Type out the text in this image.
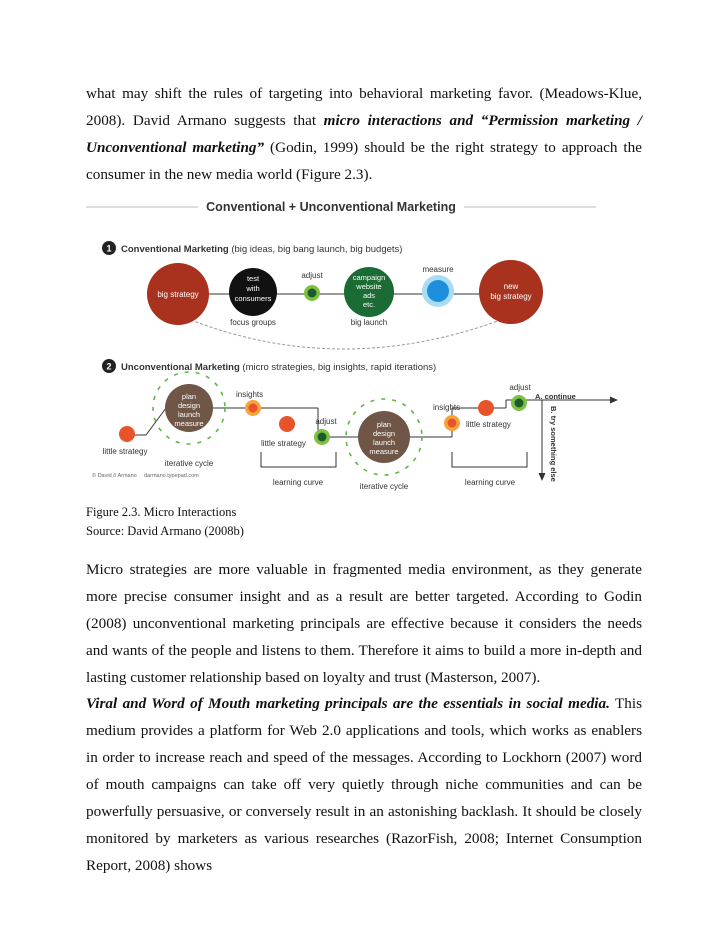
what may shift the rules of targeting into behavioral marketing favor. (Meadows-Klue, 2008). David Armano suggests that micro interactions and “Permission marketing / Unconventional marketing” (Godin, 1999) should be the right strategy to approach the consumer in the new media world (Figure 2.3).

Conventional + Unconventional Marketing
1 Conventional Marketing (big ideas, big bang launch, big budgets)
big strategy
test
with
consumers
focus groups
adjust	campaign
website
ads
etc.
big launch
measure
new
big strategy
2 Unconventional Marketing (micro strategies, big insights, rapid iterations)
little strategy
plan
design
launch
measure
iterative cycle
insights
little strategy
adjust	plan
design
launch
measure
iterative cycle
insights
little strategy
adjust
A. continue
B. try something else
learning curve	learning curve
© David // Armano darmano.typepad.com

Figure 2.3. Micro Interactions

Source: David Armano (2008b)

Micro strategies are more valuable in fragmented media environment, as they generate more precise consumer insight and as a result are better targeted. According to Godin (2008) unconventional marketing principals are effective because it considers the needs and wants of the people and listens to them. Therefore it aims to build a more in-depth and lasting customer relationship based on loyalty and trust (Masterson, 2007).

Viral and Word of Mouth marketing principals are the essentials in social media. This medium provides a platform for Web 2.0 applications and tools, which works as enablers in order to increase reach and speed of the messages. According to Lockhorn (2007) word of mouth campaigns can take off very quietly through niche communities and can be powerfully persuasive, or conversely result in an astonishing backlash. It should be closely monitored by marketers as various researches (RazorFish, 2008; Internet Consumption Report, 2008) shows
